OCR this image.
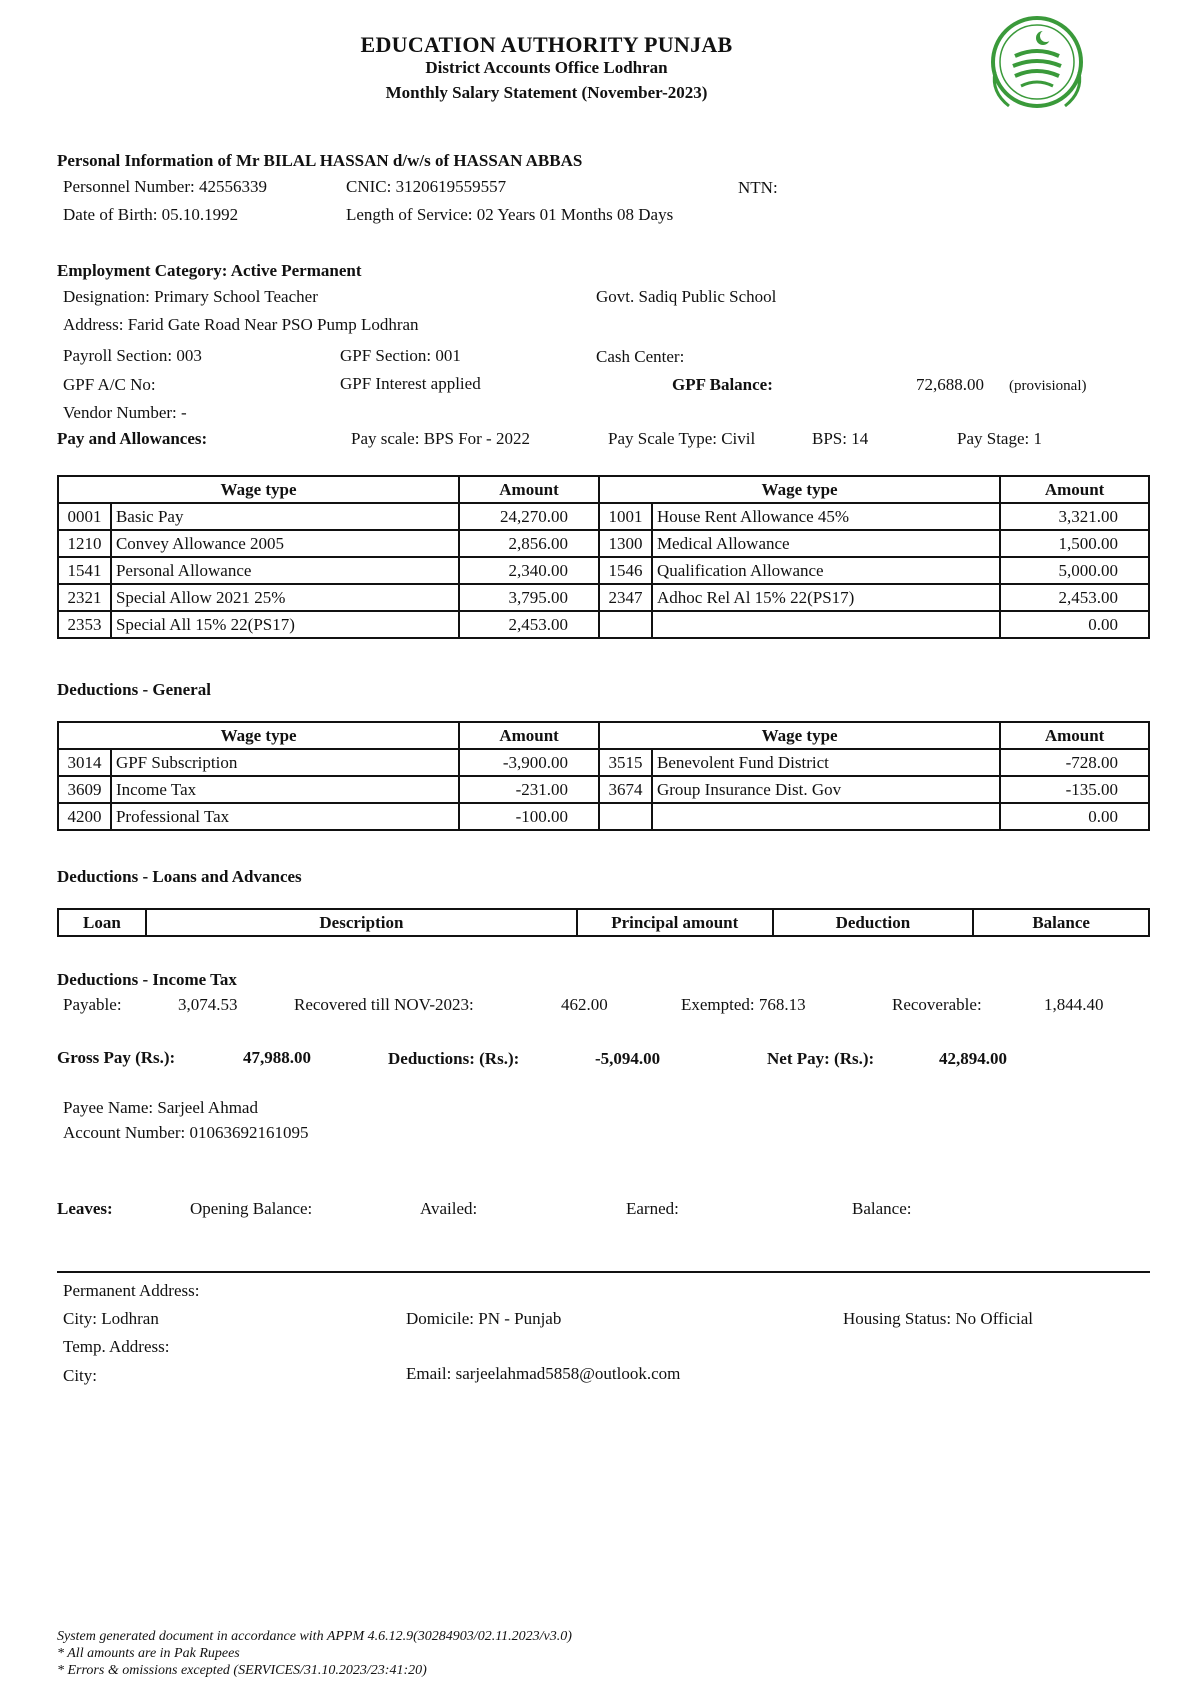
EDUCATION AUTHORITY PUNJAB
District Accounts Office Lodhran
Monthly Salary Statement (November-2023)
Personal Information of Mr BILAL HASSAN d/w/s of HASSAN ABBAS
Personnel Number: 42556339	CNIC: 3120619559557	NTN:
Date of Birth: 05.10.1992	Length of Service: 02 Years 01 Months 08 Days
Employment Category: Active Permanent
Designation: Primary School Teacher	Govt. Sadiq Public School
Address: Farid Gate Road Near PSO Pump Lodhran
Payroll Section: 003	GPF Section: 001	Cash Center:
GPF A/C No:	GPF Interest applied	GPF Balance:	72,688.00 (provisional)
Vendor Number: -
Pay and Allowances:	Pay scale: BPS For - 2022	Pay Scale Type: Civil	BPS: 14	Pay Stage: 1
Wage type		Amount	Wage type		Amount
0001	Basic Pay	24,270.00	1001	House Rent Allowance 45%	3,321.00
1210	Convey Allowance 2005	2,856.00	1300	Medical Allowance	1,500.00
1541	Personal Allowance	2,340.00	1546	Qualification Allowance	5,000.00
2321	Special Allow 2021 25%	3,795.00	2347	Adhoc Rel Al 15% 22(PS17)	2,453.00
2353	Special All 15% 22(PS17)	2,453.00			0.00
Deductions - General
Wage type		Amount	Wage type		Amount
3014	GPF Subscription	-3,900.00	3515	Benevolent Fund District	-728.00
3609	Income Tax	-231.00	3674	Group Insurance Dist. Gov	-135.00
4200	Professional Tax	-100.00			0.00
Deductions - Loans and Advances
Loan	Description	Principal amount	Deduction	Balance
Deductions - Income Tax
Payable:	3,074.53	Recovered till NOV-2023:	462.00	Exempted: 768.13	Recoverable:	1,844.40
Gross Pay (Rs.):	47,988.00	Deductions: (Rs.):	-5,094.00	Net Pay: (Rs.):	42,894.00
Payee Name: Sarjeel Ahmad
Account Number: 01063692161095
Leaves:	Opening Balance:	Availed:	Earned:	Balance:
Permanent Address:
City: Lodhran	Domicile: PN - Punjab	Housing Status: No Official
Temp. Address:
City:	Email: sarjeelahmad5858@outlook.com
System generated document in accordance with APPM 4.6.12.9(30284903/02.11.2023/v3.0)
* All amounts are in Pak Rupees
* Errors & omissions excepted (SERVICES/31.10.2023/23:41:20)
